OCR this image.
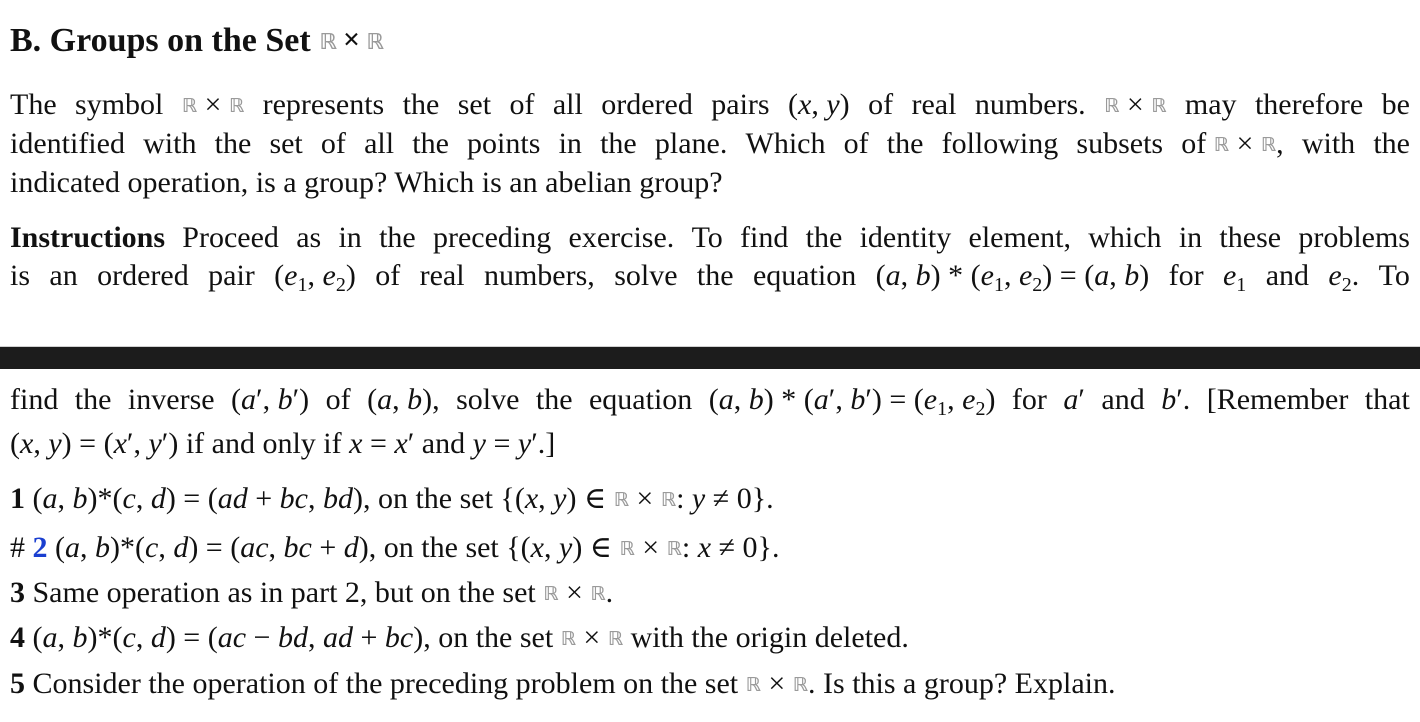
B. Groups on the Set ℝ × ℝ
The symbol ℝ × ℝ represents the set of all ordered pairs (x, y) of real numbers. ℝ × ℝ may therefore be
identified with the set of all the points in the plane. Which of the following subsets of ℝ × ℝ, with the
indicated operation, is a group? Which is an abelian group?
Instructions Proceed as in the preceding exercise. To find the identity element, which in these problems
is an ordered pair ($e_1$, $e_2$) of real numbers, solve the equation (a, $b) * (e_1$, $e_2) = (a$, b) for $e_1$ and $e_2$. To
find the inverse (a′, b′) of (a, b), solve the equation (a, b) * (a′, $b') = (e_1$, $e_2$) for a′ and b′. [Remember that
(x, y) = (x′, y′) if and only if x = x′ and y = y′.]
1 (a, b)*(c, d) = (ad + bc, bd), on the set {(x, y) ∈ ℝ × ℝ: y ≠ 0}.
# 2 (a, b)*(c, d) = (ac, bc + d), on the set {(x, y) ∈ ℝ × ℝ: x ≠ 0}.
3 Same operation as in part 2, but on the set ℝ × ℝ.
4 (a, b)*(c, d) = (ac − bd, ad + bc), on the set ℝ × ℝ with the origin deleted.
5 Consider the operation of the preceding problem on the set ℝ × ℝ. Is this a group? Explain.
